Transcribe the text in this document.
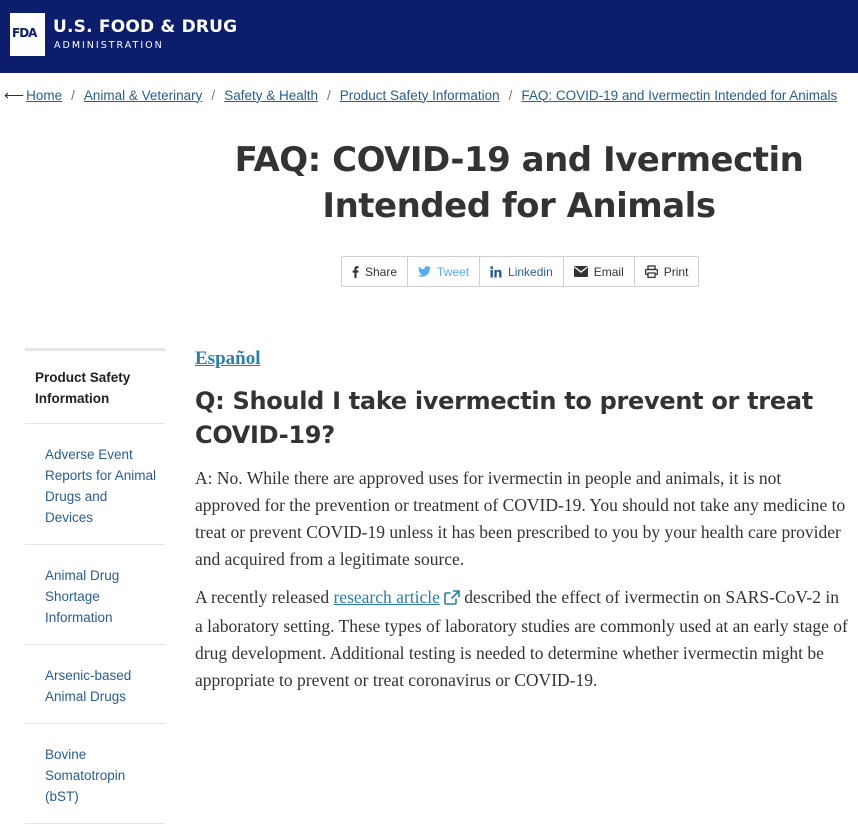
FDA U.S. FOOD & DRUG
ADMINISTRATION
⟵ Home / Animal & Veterinary / Safety & Health / Product Safety Information / FAQ: COVID-19 and Ivermectin Intended for Animals
FAQ: COVID-19 and Ivermectin Intended for Animals
Share	Tweet	Linkedin	Email	Print
Product Safety Information
Adverse Event Reports for Animal Drugs and Devices
Animal Drug Shortage Information
Arsenic-based Animal Drugs
Bovine Somatotropin (bST)
Español
Q: Should I take ivermectin to prevent or treat COVID-19?

A: No. While there are approved uses for ivermectin in people and animals, it is not approved for the prevention or treatment of COVID-19. You should not take any medicine to treat or prevent COVID-19 unless it has been prescribed to you by your health care provider and acquired from a legitimate source.

A recently released research article described the effect of ivermectin on SARS-CoV-2 in a laboratory setting. These types of laboratory studies are commonly used at an early stage of drug development. Additional testing is needed to determine whether ivermectin might be appropriate to prevent or treat coronavirus or COVID-19.
